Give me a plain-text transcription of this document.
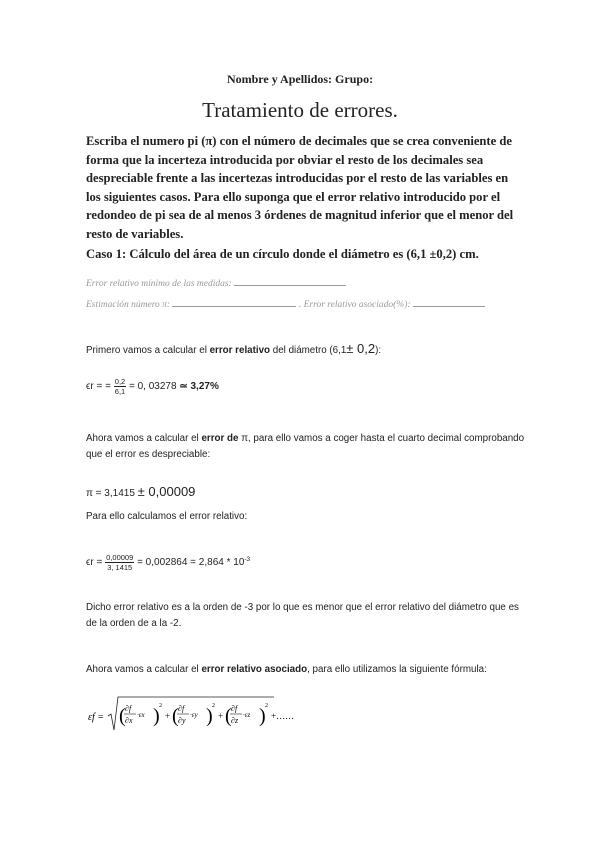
Nombre y Apellidos: Grupo:
Tratamiento de errores.
Escriba el numero pi (π) con el número de decimales que se crea conveniente de forma que la incerteza introducida por obviar el resto de los decimales sea despreciable frente a las incertezas introducidas por el resto de las variables en los siguientes casos. Para ello suponga que el error relativo introducido por el redondeo de pi sea de al menos 3 órdenes de magnitud inferior que el menor del resto de variables.
Caso 1: Cálculo del área de un círculo donde el diámetro es (6,1 ±0,2) cm.
Error relativo mínimo de las medidas:
Estimación número π:	. Error relativo asociado(%):
Primero vamos a calcular el error relativo del diámetro (6,1± 0,2):
ϵr = = $\frac{0,2}{6,1} = 0$, 03278 ≃ 3,27%
Ahora vamos a calcular el error de π, para ello vamos a coger hasta el cuarto decimal comprobando que el error es despreciable:
π = 3,1415 ± 0,00009
Para ello calculamos el error relativo:
$\epsilon r = \frac{0,00009}{3, 1415} = 0,002864 = 2,864 * 10^{-3}$
Dicho error relativo es a la orden de -3 por lo que es menor que el error relativo del diámetro que es de la orden de a la -2.
Ahora vamos a calcular el error relativo asociado, para ello utilizamos la siguiente fórmula:
εf = ( ∂f
∂x
·εx ) 2
+ ( ∂f
∂y
·εy ) 2
+ ( ∂f
∂z
·εz ) 2
+……
